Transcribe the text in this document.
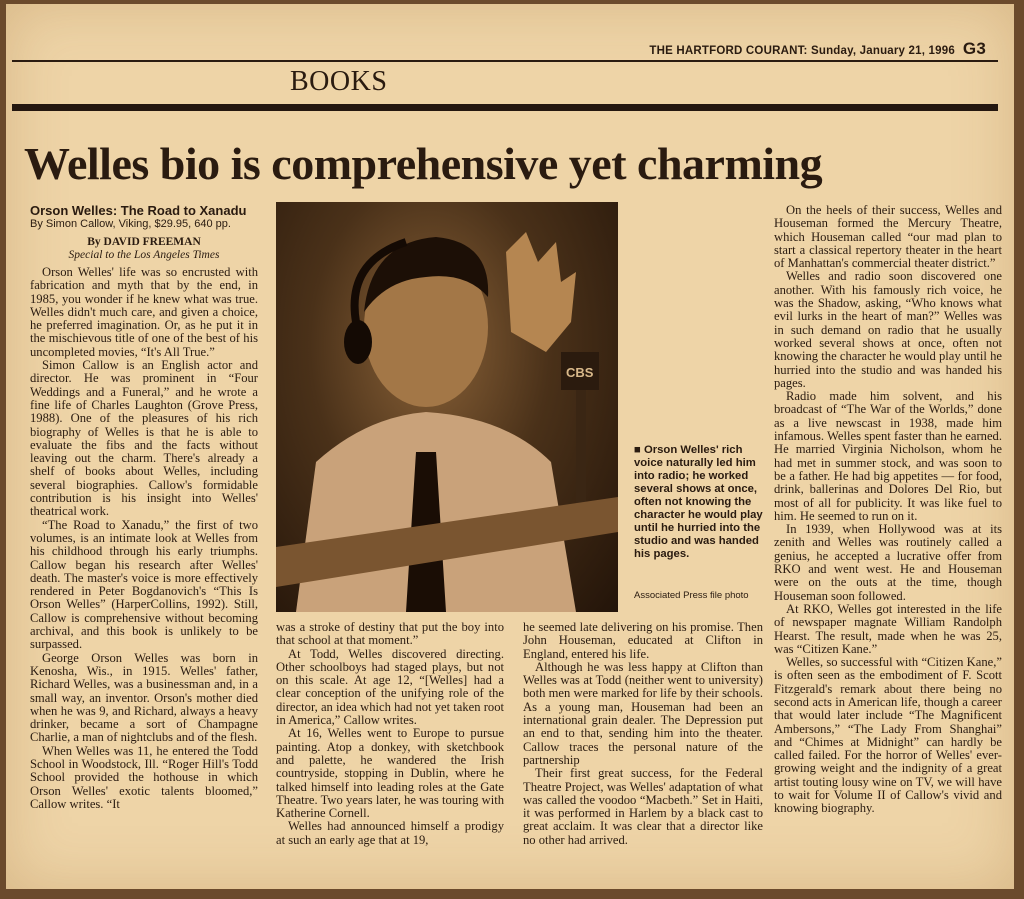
THE HARTFORD COURANT: Sunday, January 21, 1996 G3
BOOKS
Welles bio is comprehensive yet charming
Orson Welles: The Road to Xanadu
By Simon Callow, Viking, $29.95, 640 pp.
By DAVID FREEMAN
Special to the Los Angeles Times

Orson Welles' life was so encrusted with fabrication and myth that by the end, in 1985, you wonder if he knew what was true. Welles didn't much care, and given a choice, he preferred imagination. Or, as he put it in the mischievous title of one of the best of his uncompleted movies, “It's All True.”

Simon Callow is an English actor and director. He was prominent in “Four Weddings and a Funeral,” and he wrote a fine life of Charles Laughton (Grove Press, 1988). One of the pleasures of his rich biography of Welles is that he is able to evaluate the fibs and the facts without leaving out the charm. There's already a shelf of books about Welles, including several biographies. Callow's formidable contribution is his insight into Welles' theatrical work.

“The Road to Xanadu,” the first of two volumes, is an intimate look at Welles from his childhood through his early triumphs. Callow began his research after Welles' death. The master's voice is more effectively rendered in Peter Bogdanovich's “This Is Orson Welles” (HarperCollins, 1992). Still, Callow is comprehensive without becoming archival, and this book is unlikely to be surpassed.

George Orson Welles was born in Kenosha, Wis., in 1915. Welles' father, Richard Welles, was a businessman and, in a small way, an inventor. Orson's mother died when he was 9, and Richard, always a heavy drinker, became a sort of Champagne Charlie, a man of nightclubs and of the flesh.

When Welles was 11, he entered the Todd School in Woodstock, Ill. “Roger Hill's Todd School provided the hothouse in which Orson Welles' exotic talents bloomed,” Callow writes. “It

CBS
■ Orson Welles' rich voice naturally led him into radio; he worked several shows at once, often not knowing the character he would play until he hurried into the studio and was handed his pages.
Associated Press file photo

was a stroke of destiny that put the boy into that school at that moment.”

At Todd, Welles discovered directing. Other schoolboys had staged plays, but not on this scale. At age 12, “[Welles] had a clear conception of the unifying role of the director, an idea which had not yet taken root in America,” Callow writes.

At 16, Welles went to Europe to pursue painting. Atop a donkey, with sketchbook and palette, he wandered the Irish countryside, stopping in Dublin, where he talked himself into leading roles at the Gate Theatre. Two years later, he was touring with Katherine Cornell.

Welles had announced himself a prodigy at such an early age that at 19,

he seemed late delivering on his promise. Then John Houseman, educated at Clifton in England, entered his life.

Although he was less happy at Clifton than Welles was at Todd (neither went to university) both men were marked for life by their schools. As a young man, Houseman had been an international grain dealer. The Depression put an end to that, sending him into the theater. Callow traces the personal nature of the partnership

Their first great success, for the Federal Theatre Project, was Welles' adaptation of what was called the voodoo “Macbeth.” Set in Haiti, it was performed in Harlem by a black cast to great acclaim. It was clear that a director like no other had arrived.

On the heels of their success, Welles and Houseman formed the Mercury Theatre, which Houseman called “our mad plan to start a classical repertory theater in the heart of Manhattan's commercial theater district.”

Welles and radio soon discovered one another. With his famously rich voice, he was the Shadow, asking, “Who knows what evil lurks in the heart of man?” Welles was in such demand on radio that he usually worked several shows at once, often not knowing the character he would play until he hurried into the studio and was handed his pages.

Radio made him solvent, and his broadcast of “The War of the Worlds,” done as a live newscast in 1938, made him infamous. Welles spent faster than he earned. He married Virginia Nicholson, whom he had met in summer stock, and was soon to be a father. He had big appetites — for food, drink, ballerinas and Dolores Del Rio, but most of all for publicity. It was like fuel to him. He seemed to run on it.

In 1939, when Hollywood was at its zenith and Welles was routinely called a genius, he accepted a lucrative offer from RKO and went west. He and Houseman were on the outs at the time, though Houseman soon followed.

At RKO, Welles got interested in the life of newspaper magnate William Randolph Hearst. The result, made when he was 25, was “Citizen Kane.”

Welles, so successful with “Citizen Kane,” is often seen as the embodiment of F. Scott Fitzgerald's remark about there being no second acts in American life, though a career that would later include “The Magnificent Ambersons,” “The Lady From Shanghai” and “Chimes at Midnight” can hardly be called failed. For the horror of Welles' ever-growing weight and the indignity of a great artist touting lousy wine on TV, we will have to wait for Volume II of Callow's vivid and knowing biography.
